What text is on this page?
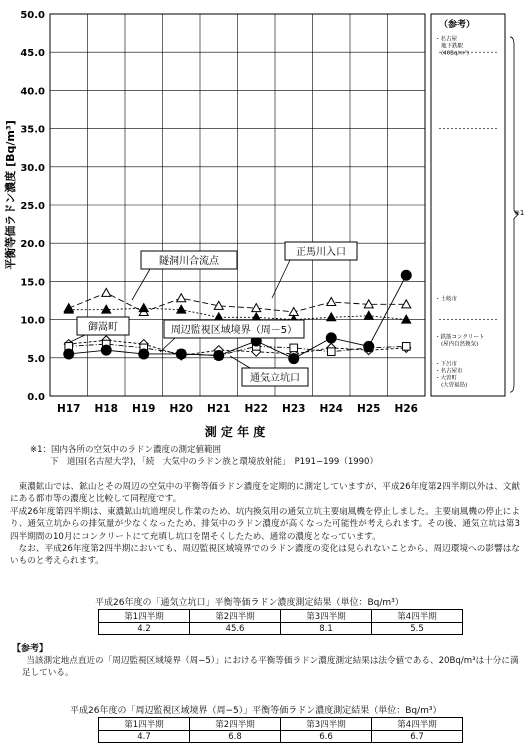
0.0
5.0
10.0
15.0
20.0
25.0
30.0
35.0
40.0
45.0
50.0
H17 H18 H19 H20 H21 H22 H23 H24 H25 H26
・名古屋地下鉄駅(40Bq/m³)
・土岐市
・鉄筋コンクリート(屋内自然換気)
・下呂市・名古屋市・大曽町(大曽福島)
平衡等価ラドン濃度 [Bq/m³]
測 定 年 度
隧洞川合流点
正馬川入口
御嵩町	周辺監視区域境界（周－5）
通気立坑口
（参考）
※1
※1：国内各所の空気中のラドン濃度の測定値範囲
下　道国(名古屋大学)，｢続　大気中のラドン族と環境放射能｣　P191−199（1990）

東濃鉱山では、鉱山とその周辺の空気中の平衡等価ラドン濃度を定期的に測定していますが、平成26年度第2四半期以外は、文献にある都市等の濃度と比較して同程度です。

平成26年度第四半期は、東濃鉱山坑道埋戻し作業のため、坑内換気用の通気立坑主要扇風機を停止しました。主要扇風機の停止により、通気立坑からの排気量が少なくなったため、排気中のラドン濃度が高くなった可能性が考えられます。その後、通気立坑は第3四半期間の10月にコンクリートにて充填し坑口を閉そくしたため、通常の濃度となっています。

なお、平成26年度第2四半期においても、周辺監視区域境界でのラドン濃度の変化は見られないことから、周辺環境への影響はないものと考えられます。

平成26年度の「通気立坑口」平衡等価ラドン濃度測定結果（単位：Bq/m³）
第1四半期	第2四半期	第3四半期	第4四半期
4.2	45.6	8.1	5.5
【参考】
当該測定地点直近の「周辺監視区域境界（周−5）」における平衡等価ラドン濃度測定結果は法令値である、20Bq/m³は十分に満足している。
平成26年度の「周辺監視区域境界（周−5）」平衡等価ラドン濃度測定結果（単位：Bq/m³）
第1四半期	第2四半期	第3四半期	第4四半期
4.7	6.8	6.6	6.7
